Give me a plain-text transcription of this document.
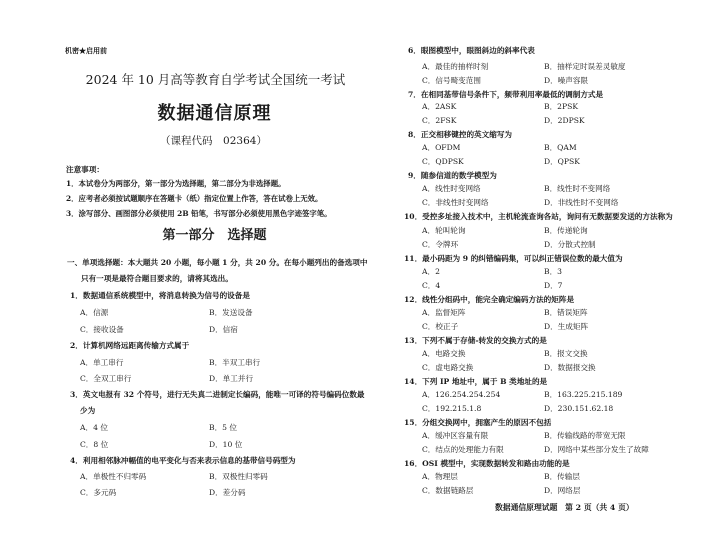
机密★启用前
2024 年 10 月高等教育自学考试全国统一考试
数据通信原理
（课程代码　02364）
注意事项：
1．本试卷分为两部分，第一部分为选择题，第二部分为非选择题。
2．应考者必须按试题顺序在答题卡（纸）指定位置上作答，答在试卷上无效。
3．涂写部分、画图部分必须使用 2B 铅笔，书写部分必须使用黑色字迹签字笔。
第一部分　选择题
一、单项选择题：本大题共 20 小题，每小题 1 分，共 20 分。在每小题列出的备选项中
只有一项是最符合题目要求的，请将其选出。
1．数据通信系统模型中，将消息转换为信号的设备是
A．信源	B．发送设备
C．接收设备	D．信宿
2．计算机网络远距离传输方式属于
A．单工串行	B．半双工串行
C．全双工串行	D．单工并行
3．英文电报有 32 个符号，进行无失真二进制定长编码，能唯一可译的符号编码位数最
少为
A．4 位	B．5 位
C．8 位	D．10 位
4．利用相邻脉冲幅值的电平变化与否来表示信息的基带信号码型为
A．单极性不归零码	B．双极性归零码
C．多元码	D．差分码
6．眼图模型中，眼图斜边的斜率代表
A．最佳的抽样时刻	B．抽样定时误差灵敏度
C．信号畸变范围	D．噪声容限
7．在相同基带信号条件下，频带利用率最低的调制方式是
A．2ASK	B．2PSK
C．2FSK	D．2DPSK
8．正交相移键控的英文缩写为
A．OFDM	B．QAM
C．QDPSK	D．QPSK
9．随参信道的数学模型为
A．线性时变网络	B．线性时不变网络
C．非线性时变网络	D．非线性时不变网络
10．受控多址接入技术中，主机轮流查询各站，询问有无数据要发送的方法称为
A．轮叫轮询	B．传递轮询
C．令牌环	D．分散式控制
11．最小码距为 9 的纠错编码集，可以纠正错误位数的最大值为
A．2	B．3
C．4	D．7
12．线性分组码中，能完全确定编码方法的矩阵是
A．监督矩阵	B．错误矩阵
C．校正子	D．生成矩阵
13．下列不属于存储-转发的交换方式的是
A．电路交换	B．报文交换
C．虚电路交换	D．数据报交换
14．下列 IP 地址中，属于 B 类地址的是
A．126.254.254.254	B．163.225.215.189
C．192.215.1.8	D．230.151.62.18
15．分组交换网中，拥塞产生的原因不包括
A．缓冲区容量有限	B．传输线路的带宽无限
C．结点的处理能力有限	D．网络中某些部分发生了故障
16．OSI 模型中，实现数据转发和路由功能的是
A．物理层	B．传输层
C．数据链路层	D．网络层
数据通信原理试题　第 2 页（共 4 页）
